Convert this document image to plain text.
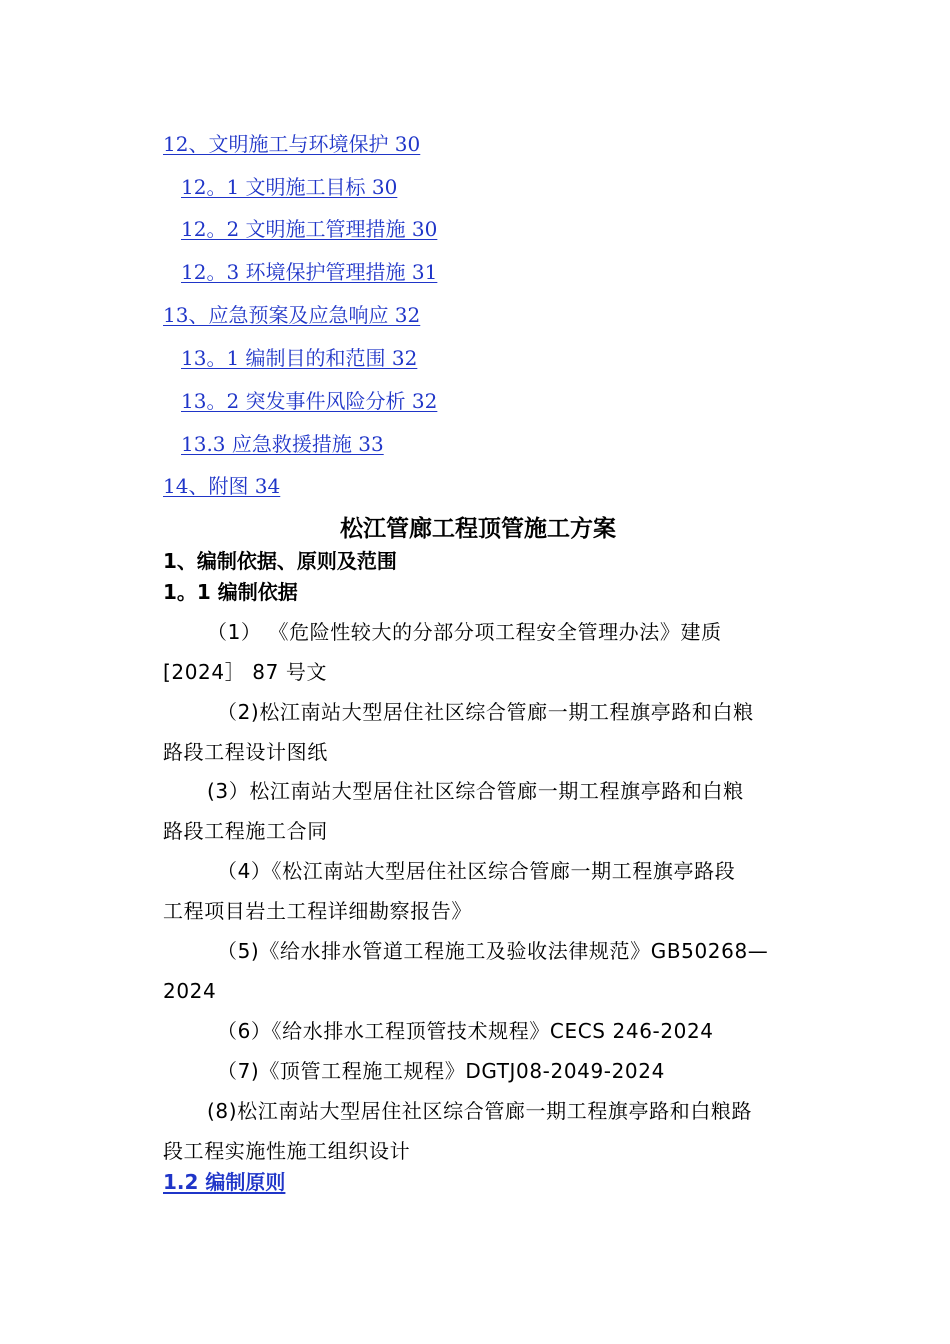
12、文明施工与环境保护 30
12。1 文明施工目标 30
12。2 文明施工管理措施 30
12。3 环境保护管理措施 31
13、应急预案及应急响应 32
13。1 编制目的和范围 32
13。2 突发事件风险分析 32
13.3 应急救援措施 33
14、附图 34
松江管廊工程顶管施工方案
1、编制依据、原则及范围
1。1 编制依据
（1） 《危险性较大的分部分项工程安全管理办法》建质
[2024］ 87 号文
（2)松江南站大型居住社区综合管廊一期工程旗亭路和白粮
路段工程设计图纸
(3）松江南站大型居住社区综合管廊一期工程旗亭路和白粮
路段工程施工合同
（4）《松江南站大型居住社区综合管廊一期工程旗亭路段
工程项目岩土工程详细勘察报告》
（5)《给水排水管道工程施工及验收法律规范》GB50268—
2024
（6）《给水排水工程顶管技术规程》CECS 246-2024
（7)《顶管工程施工规程》DGTJ08-2049-2024
(8)松江南站大型居住社区综合管廊一期工程旗亭路和白粮路
段工程实施性施工组织设计
1.2 编制原则
